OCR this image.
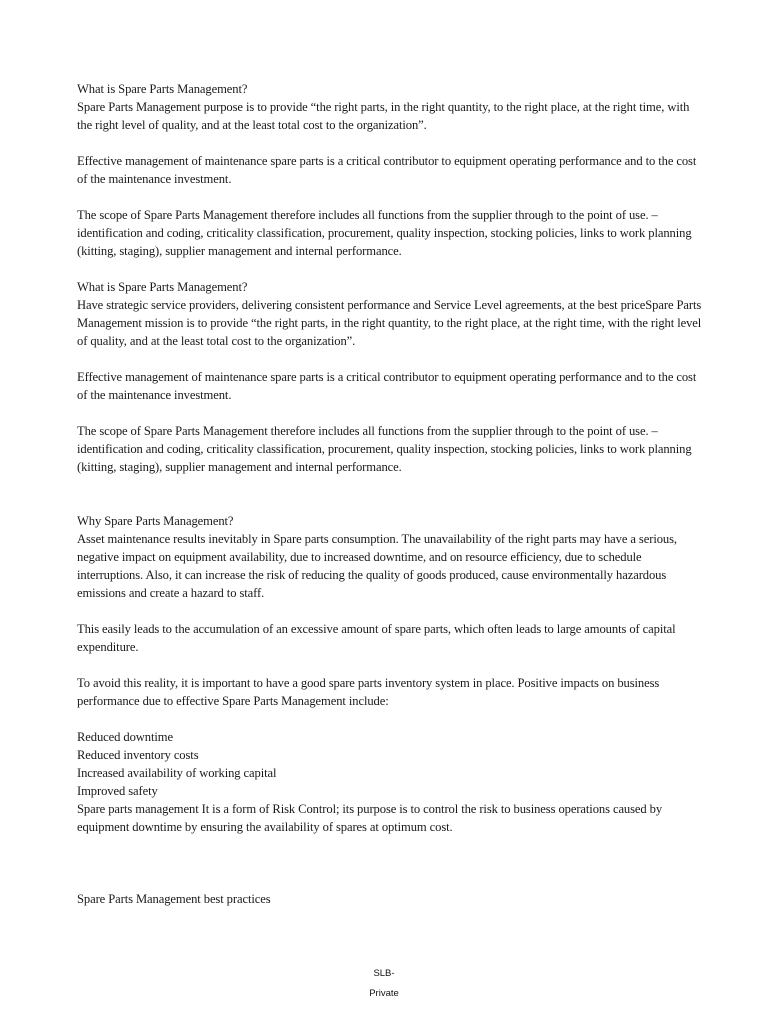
What is Spare Parts Management?

Spare Parts Management purpose is to provide “the right parts, in the right quantity, to the right place, at the right time, with the right level of quality, and at the least total cost to the organization”.

Effective management of maintenance spare parts is a critical contributor to equipment operating performance and to the cost of the maintenance investment.

The scope of Spare Parts Management therefore includes all functions from the supplier through to the point of use. – identification and coding, criticality classification, procurement, quality inspection, stocking policies, links to work planning (kitting, staging), supplier management and internal performance.

What is Spare Parts Management?

Have strategic service providers, delivering consistent performance and Service Level agreements, at the best priceSpare Parts Management mission is to provide “the right parts, in the right quantity, to the right place, at the right time, with the right level of quality, and at the least total cost to the organization”.

Effective management of maintenance spare parts is a critical contributor to equipment operating performance and to the cost of the maintenance investment.

The scope of Spare Parts Management therefore includes all functions from the supplier through to the point of use. – identification and coding, criticality classification, procurement, quality inspection, stocking policies, links to work planning (kitting, staging), supplier management and internal performance.

Why Spare Parts Management?

Asset maintenance results inevitably in Spare parts consumption. The unavailability of the right parts may have a serious, negative impact on equipment availability, due to increased downtime, and on resource efficiency, due to schedule interruptions. Also, it can increase the risk of reducing the quality of goods produced, cause environmentally hazardous emissions and create a hazard to staff.

This easily leads to the accumulation of an excessive amount of spare parts, which often leads to large amounts of capital expenditure.

To avoid this reality, it is important to have a good spare parts inventory system in place. Positive impacts on business performance due to effective Spare Parts Management include:

Reduced downtime

Reduced inventory costs

Increased availability of working capital

Improved safety

Spare parts management It is a form of Risk Control; its purpose is to control the risk to business operations caused by equipment downtime by ensuring the availability of spares at optimum cost.

Spare Parts Management best practices

SLB-
Private
